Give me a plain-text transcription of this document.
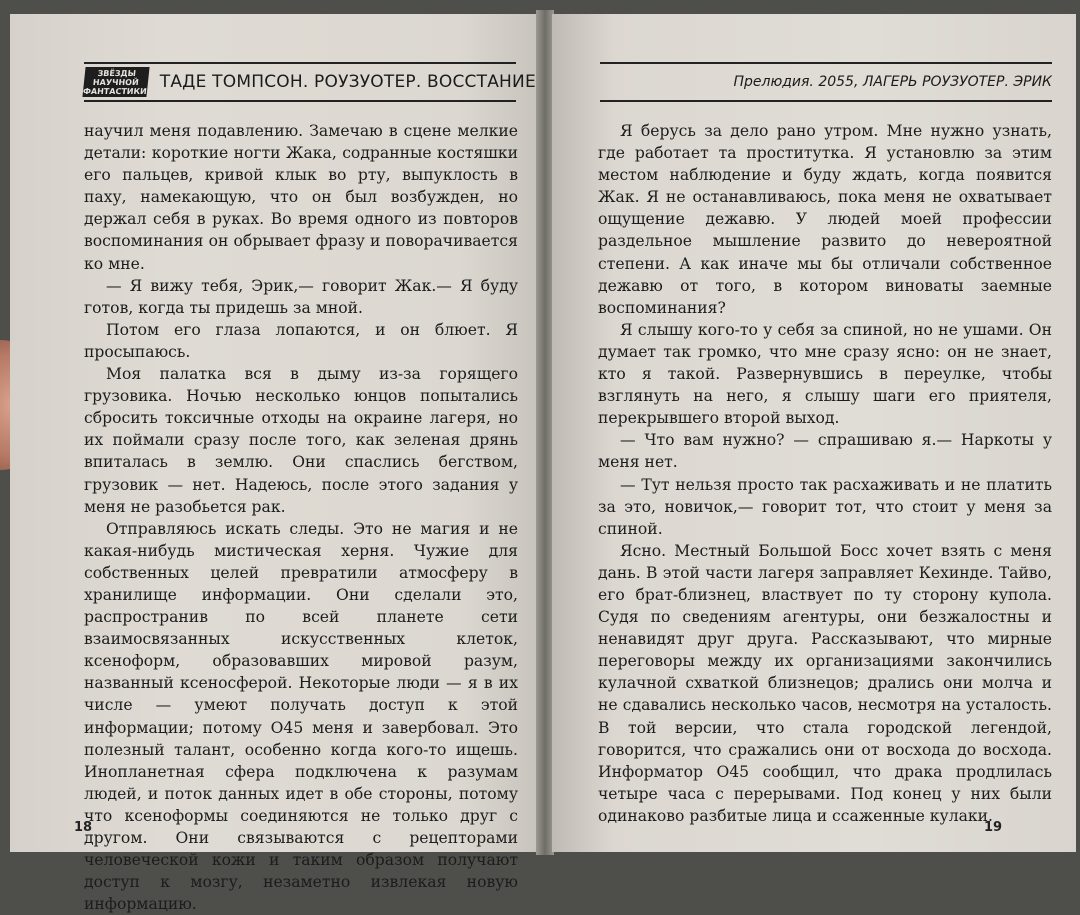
ЗВЁЗДЫ
НАУЧНОЙ
ФАНТАСТИКИ ТАДЕ ТОМПСОН. РОУЗУОТЕР. ВОССТАНИЕ

научил меня подавлению. Замечаю в сцене мелкие детали: короткие ногти Жака, содранные костяшки его пальцев, кривой клык во рту, выпуклость в паху, намекающую, что он был возбужден, но держал себя в руках. Во время одного из повторов воспоминания он обрывает фразу и поворачивается ко мне.

— Я вижу тебя, Эрик,— говорит Жак.— Я буду готов, когда ты придешь за мной.

Потом его глаза лопаются, и он блюет. Я просыпаюсь.

Моя палатка вся в дыму из-за горящего грузовика. Ночью несколько юнцов попытались сбросить токсичные отходы на окраине лагеря, но их поймали сразу после того, как зеленая дрянь впиталась в землю. Они спаслись бегством, грузовик — нет. Надеюсь, после этого задания у меня не разобьется рак.

Отправляюсь искать следы. Это не магия и не какая-нибудь мистическая херня. Чужие для собственных целей превратили атмосферу в хранилище информации. Они сделали это, распространив по всей планете сети взаимосвязанных искусственных клеток, ксеноформ, образовавших мировой разум, названный ксеносферой. Некоторые люди — я в их числе — умеют получать доступ к этой информации; потому О45 меня и завербовал. Это полезный талант, особенно когда кого-то ищешь. Инопланетная сфера подключена к разумам людей, и поток данных идет в обе стороны, потому что ксеноформы соединяются не только друг с другом. Они связываются с рецепторами человеческой кожи и таким образом получают доступ к мозгу, незаметно извлекая новую информацию.

18
Прелюдия. 2055, ЛАГЕРЬ РОУЗУОТЕР. ЭРИК

Я берусь за дело рано утром. Мне нужно узнать, где работает та проститутка. Я установлю за этим местом наблюдение и буду ждать, когда появится Жак. Я не останавливаюсь, пока меня не охватывает ощущение дежавю. У людей моей профессии раздельное мышление развито до невероятной степени. А как иначе мы бы отличали собственное дежавю от того, в котором виноваты заемные воспоминания?

Я слышу кого-то у себя за спиной, но не ушами. Он думает так громко, что мне сразу ясно: он не знает, кто я такой. Развернувшись в переулке, чтобы взглянуть на него, я слышу шаги его приятеля, перекрывшего второй выход.

— Что вам нужно? — спрашиваю я.— Наркоты у меня нет.

— Тут нельзя просто так расхаживать и не платить за это, новичок,— говорит тот, что стоит у меня за спиной.

Ясно. Местный Большой Босс хочет взять с меня дань. В этой части лагеря заправляет Кехинде. Тайво, его брат-близнец, властвует по ту сторону купола. Судя по сведениям агентуры, они безжалостны и ненавидят друг друга. Рассказывают, что мирные переговоры между их организациями закончились кулачной схваткой близнецов; дрались они молча и не сдавались несколько часов, несмотря на усталость. В той версии, что стала городской легендой, говорится, что сражались они от восхода до восхода. Информатор О45 сообщил, что драка продлилась четыре часа с перерывами. Под конец у них были одинаково разбитые лица и ссаженные кулаки.

19
